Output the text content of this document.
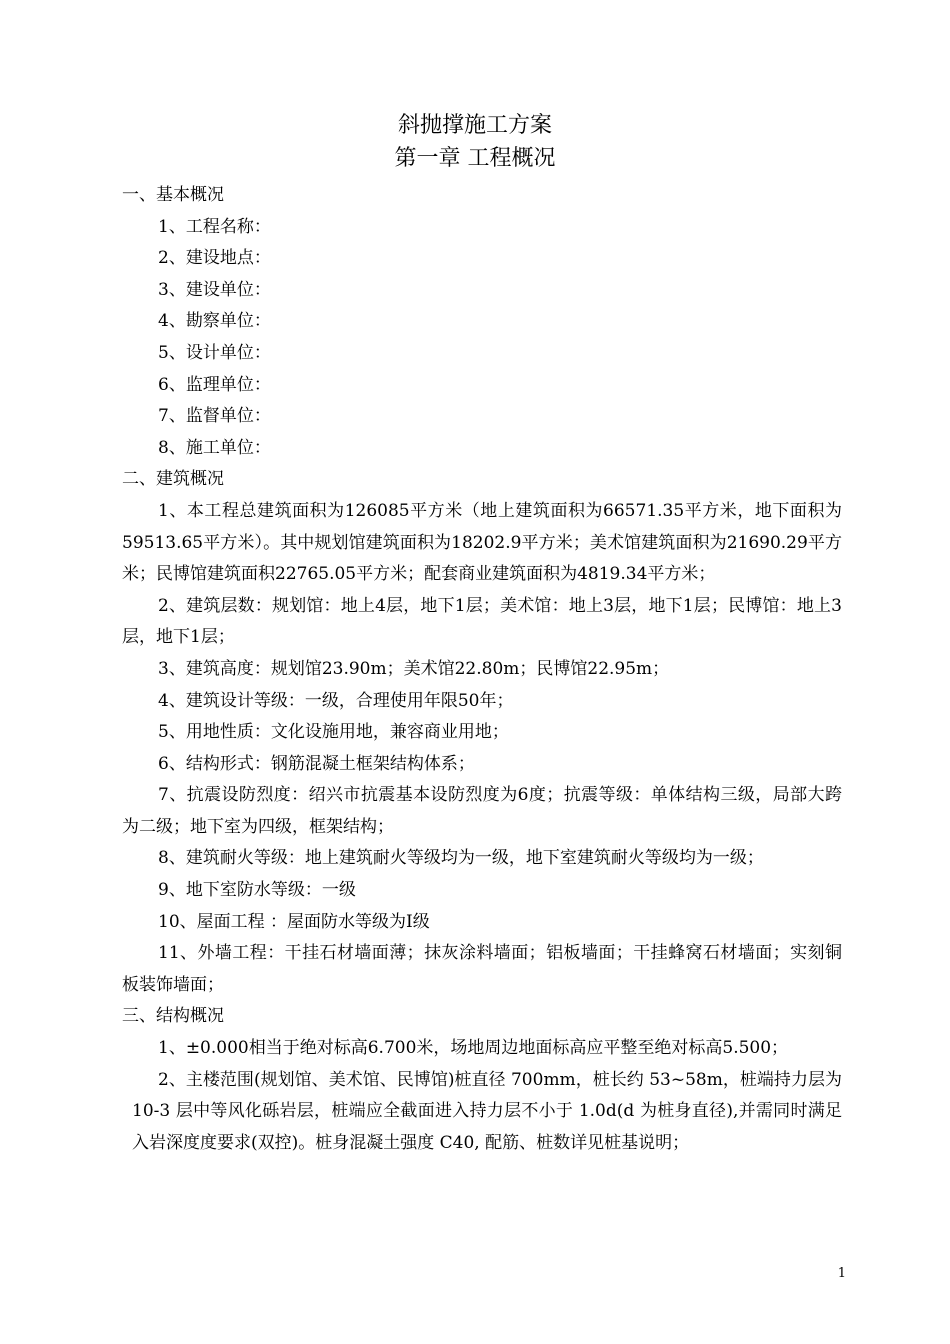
斜抛撑施工方案
第一章 工程概况

一、基本概况

1、工程名称：

2、建设地点：

3、建设单位：

4、勘察单位：

5、设计单位：

6、监理单位：

7、监督单位：

8、施工单位：

二、建筑概况

1、本工程总建筑面积为126085平方米（地上建筑面积为66571.35平方米，地下面积为59513.65平方米）。其中规划馆建筑面积为18202.9平方米；美术馆建筑面积为21690.29平方米；民博馆建筑面积22765.05平方米；配套商业建筑面积为4819.34平方米；

2、建筑层数：规划馆：地上4层，地下1层；美术馆：地上3层，地下1层；民博馆：地上3层，地下1层；

3、建筑高度：规划馆23.90m；美术馆22.80m；民博馆22.95m；

4、建筑设计等级：一级，合理使用年限50年；

5、用地性质：文化设施用地，兼容商业用地；

6、结构形式：钢筋混凝土框架结构体系；

7、抗震设防烈度：绍兴市抗震基本设防烈度为6度；抗震等级：单体结构三级，局部大跨为二级；地下室为四级，框架结构；

8、建筑耐火等级：地上建筑耐火等级均为一级，地下室建筑耐火等级均为一级；

9、地下室防水等级：一级

10、屋面工程 ：屋面防水等级为Ⅰ级

11、外墙工程：干挂石材墙面薄；抹灰涂料墙面；铝板墙面；干挂蜂窝石材墙面；实刻铜板装饰墙面；

三、结构概况

1、±0.000相当于绝对标高6.700米，场地周边地面标高应平整至绝对标高5.500；

2、主楼范围(规划馆、美术馆、民博馆)桩直径 700mm，桩长约 53~58m，桩端持力层为 10-3 层中等风化砾岩层，桩端应全截面进入持力层不小于 1.0d(d 为桩身直径),并需同时满足入岩深度度要求(双控)。桩身混凝土强度 C40, 配筋、桩数详见桩基说明；

1
